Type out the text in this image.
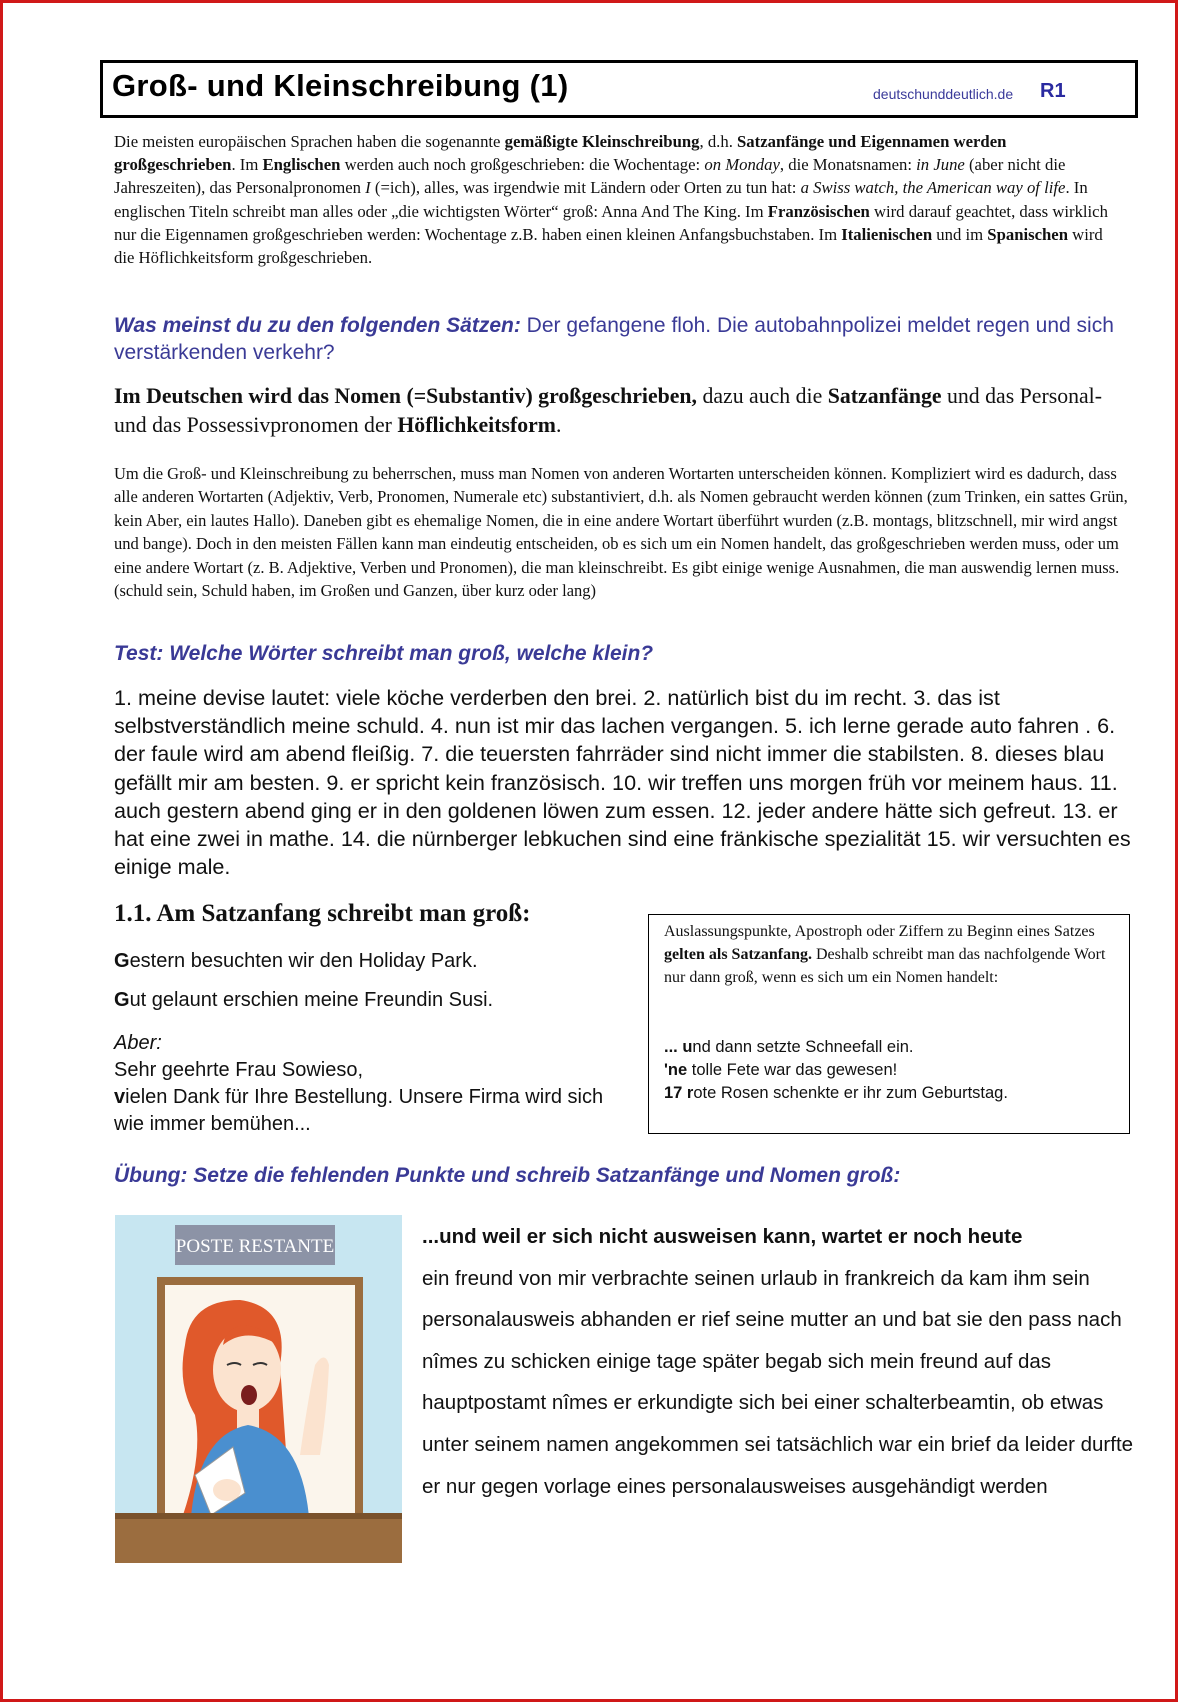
Groß- und Kleinschreibung (1)	deutschunddeutlich.de R1
Die meisten europäischen Sprachen haben die sogenannte gemäßigte Kleinschreibung, d.h. Satzanfänge und Eigennamen werden großgeschrieben. Im Englischen werden auch noch großgeschrieben: die Wochentage: on Monday, die Monatsnamen: in June (aber nicht die Jahreszeiten), das Personalpronomen I (=ich), alles, was irgendwie mit Ländern oder Orten zu tun hat: a Swiss watch, the American way of life. In englischen Titeln schreibt man alles oder „die wichtigsten Wörter“ groß: Anna And The King. Im Französischen wird darauf geachtet, dass wirklich nur die Eigennamen großgeschrieben werden: Wochentage z.B. haben einen kleinen Anfangsbuchstaben. Im Italienischen und im Spanischen wird die Höflichkeitsform großgeschrieben.
Was meinst du zu den folgenden Sätzen: Der gefangene floh. Die autobahnpolizei meldet regen und sich verstärkenden verkehr?
Im Deutschen wird das Nomen (=Substantiv) großgeschrieben, dazu auch die Satzanfänge und das Personal- und das Possessivpronomen der Höflichkeitsform.
Um die Groß- und Kleinschreibung zu beherrschen, muss man Nomen von anderen Wortarten unterscheiden können. Kompliziert wird es dadurch, dass alle anderen Wortarten (Adjektiv, Verb, Pronomen, Numerale etc) substantiviert, d.h. als Nomen gebraucht werden können (zum Trinken, ein sattes Grün, kein Aber, ein lautes Hallo). Daneben gibt es ehemalige Nomen, die in eine andere Wortart überführt wurden (z.B. montags, blitzschnell, mir wird angst und bange). Doch in den meisten Fällen kann man eindeutig entscheiden, ob es sich um ein Nomen handelt, das großgeschrieben werden muss, oder um eine andere Wortart (z. B. Adjektive, Verben und Pronomen), die man kleinschreibt. Es gibt einige wenige Ausnahmen, die man auswendig lernen muss. (schuld sein, Schuld haben, im Großen und Ganzen, über kurz oder lang)
Test: Welche Wörter schreibt man groß, welche klein?
1. meine devise lautet: viele köche verderben den brei. 2. natürlich bist du im recht. 3. das ist selbstverständlich meine schuld. 4. nun ist mir das lachen vergangen. 5. ich lerne gerade auto fahren . 6. der faule wird am abend fleißig. 7. die teuersten fahrräder sind nicht immer die stabilsten. 8. dieses blau gefällt mir am besten. 9. er spricht kein französisch. 10. wir treffen uns morgen früh vor meinem haus. 11. auch gestern abend ging er in den goldenen löwen zum essen. 12. jeder andere hätte sich gefreut. 13. er hat eine zwei in mathe. 14. die nürnberger lebkuchen sind eine fränkische spezialität 15. wir versuchten es einige male.
1.1. Am Satzanfang schreibt man groß:
Gestern besuchten wir den Holiday Park.
Gut gelaunt erschien meine Freundin Susi.
Aber:
Sehr geehrte Frau Sowieso,
vielen Dank für Ihre Bestellung. Unsere Firma wird sich wie immer bemühen...
Auslassungspunkte, Apostroph oder Ziffern zu Beginn eines Satzes gelten als Satzanfang. Deshalb schreibt man das nachfolgende Wort nur dann groß, wenn es sich um ein Nomen handelt:
... und dann setzte Schneefall ein.
'ne tolle Fete war das gewesen!
17 rote Rosen schenkte er ihr zum Geburtstag.
Übung: Setze die fehlenden Punkte und schreib Satzanfänge und Nomen groß:
POSTE RESTANTE	...und weil er sich nicht ausweisen kann, wartet er noch heute
ein freund von mir verbrachte seinen urlaub in frankreich da kam ihm sein personalausweis abhanden er rief seine mutter an und bat sie den pass nach nîmes zu schicken einige tage später begab sich mein freund auf das hauptpostamt nîmes er erkundigte sich bei einer schalterbeamtin, ob etwas unter seinem namen angekommen sei tatsächlich war ein brief da leider durfte er nur gegen vorlage eines personalausweises ausgehändigt werden
